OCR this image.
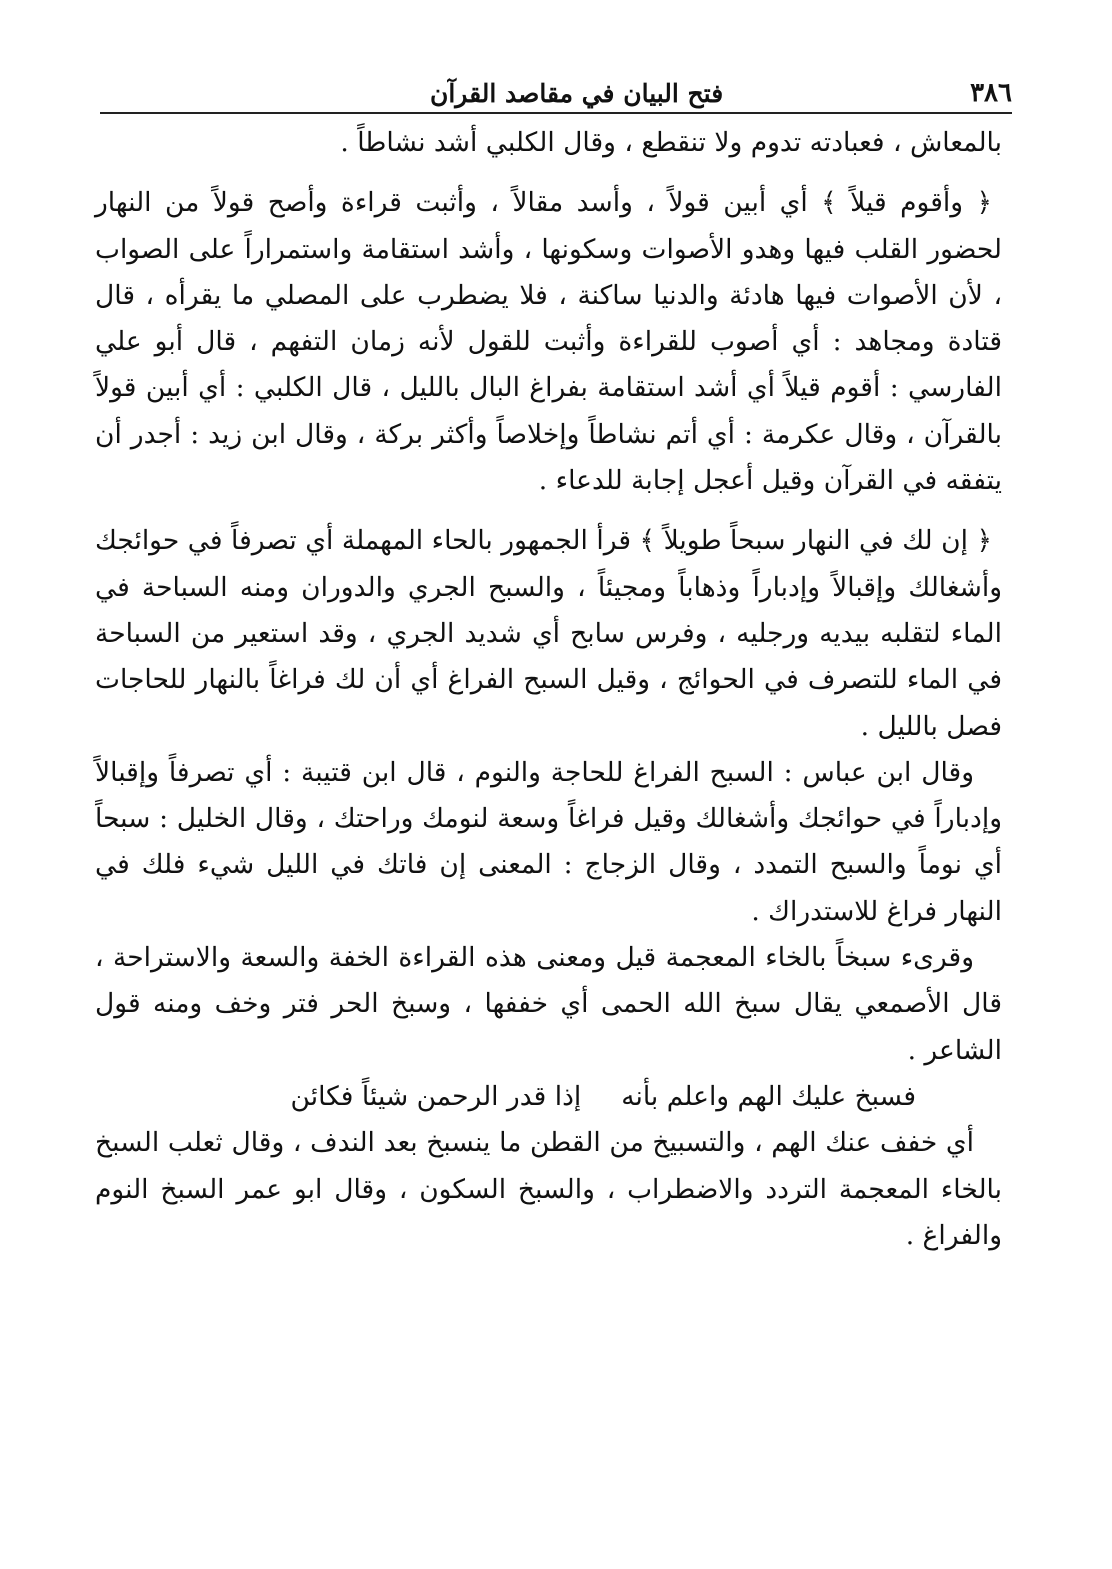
٣٨٦
فتح البيان في مقاصد القرآن

بالمعاش ، فعبادته تدوم ولا تنقطع ، وقال الكلبي أشد نشاطاً .

﴿ وأقوم قيلاً ﴾ أي أبين قولاً ، وأسد مقالاً ، وأثبت قراءة وأصح قولاً من النهار لحضور القلب فيها وهدو الأصوات وسكونها ، وأشد استقامة واستمراراً على الصواب ، لأن الأصوات فيها هادئة والدنيا ساكنة ، فلا يضطرب على المصلي ما يقرأه ، قال قتادة ومجاهد : أي أصوب للقراءة وأثبت للقول لأنه زمان التفهم ، قال أبو علي الفارسي : أقوم قيلاً أي أشد استقامة بفراغ البال بالليل ، قال الكلبي : أي أبين قولاً بالقرآن ، وقال عكرمة : أي أتم نشاطاً وإخلاصاً وأكثر بركة ، وقال ابن زيد : أجدر أن يتفقه في القرآن وقيل أعجل إجابة للدعاء .

﴿ إن لك في النهار سبحاً طويلاً ﴾ قرأ الجمهور بالحاء المهملة أي تصرفاً في حوائجك وأشغالك وإقبالاً وإدباراً وذهاباً ومجيئاً ، والسبح الجري والدوران ومنه السباحة في الماء لتقلبه بيديه ورجليه ، وفرس سابح أي شديد الجري ، وقد استعير من السباحة في الماء للتصرف في الحوائج ، وقيل السبح الفراغ أي أن لك فراغاً بالنهار للحاجات فصل بالليل .

وقال ابن عباس : السبح الفراغ للحاجة والنوم ، قال ابن قتيبة : أي تصرفاً وإقبالاً وإدباراً في حوائجك وأشغالك وقيل فراغاً وسعة لنومك وراحتك ، وقال الخليل : سبحاً أي نوماً والسبح التمدد ، وقال الزجاج : المعنى إن فاتك في الليل شيء فلك في النهار فراغ للاستدراك .

وقرىء سبخاً بالخاء المعجمة قيل ومعنى هذه القراءة الخفة والسعة والاستراحة ، قال الأصمعي يقال سبخ الله الحمى أي خففها ، وسبخ الحر فتر وخف ومنه قول الشاعر .

فسبخ عليك الهم واعلم بأنه
إذا قدر الرحمن شيئاً فكائن

أي خفف عنك الهم ، والتسبيخ من القطن ما ينسبخ بعد الندف ، وقال ثعلب السبخ بالخاء المعجمة التردد والاضطراب ، والسبخ السكون ، وقال ابو عمر السبخ النوم والفراغ .
